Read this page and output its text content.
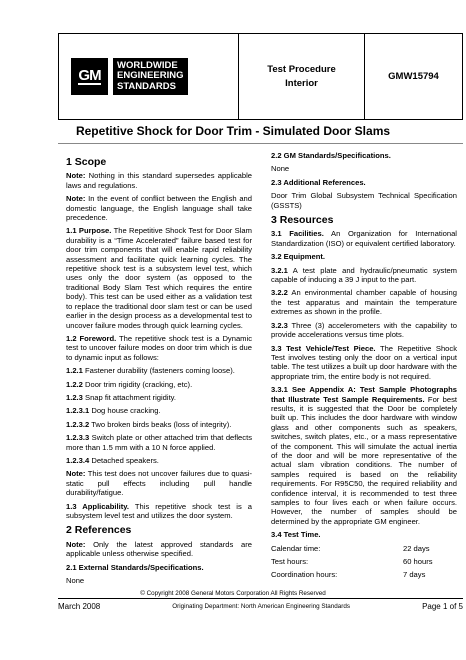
GM
WORLDWIDE
ENGINEERING
STANDARDS
Test Procedure
Interior
GMW15794
Repetitive Shock for Door Trim - Simulated Door Slams
1 Scope

Note: Nothing in this standard supersedes applicable laws and regulations.

Note: In the event of conflict between the English and domestic language, the English language shall take precedence.

1.1 Purpose. The Repetitive Shock Test for Door Slam durability is a “Time Accelerated” failure based test for door trim components that will enable rapid reliability assessment and facilitate quick learning cycles. The repetitive shock test is a subsystem level test, which uses only the door system (as opposed to the traditional Body Slam Test which requires the entire body). This test can be used either as a validation test to replace the traditional door slam test or can be used earlier in the design process as a developmental test to uncover failure modes through quick learning cycles.

1.2 Foreword. The repetitive shock test is a Dynamic test to uncover failure modes on door trim which is due to dynamic input as follows:

1.2.1 Fastener durability (fasteners coming loose).

1.2.2 Door trim rigidity (cracking, etc).

1.2.3 Snap fit attachment rigidity.

1.2.3.1 Dog house cracking.

1.2.3.2 Two broken birds beaks (loss of integrity).

1.2.3.3 Switch plate or other attached trim that deflects more than 1.5 mm with a 10 N force applied.

1.2.3.4 Detached speakers.

Note: This test does not uncover failures due to quasi-static pull effects including pull handle durability/fatigue.

1.3 Applicability. This repetitive shock test is a subsystem level test and utilizes the door system.

2 References

Note: Only the latest approved standards are applicable unless otherwise specified.

2.1 External Standards/Specifications.

None

2.2 GM Standards/Specifications.

None

2.3 Additional References.

Door Trim Global Subsystem Technical Specification (GSSTS)

3 Resources

3.1 Facilities. An Organization for International Standardization (ISO) or equivalent certified laboratory.

3.2 Equipment.

3.2.1 A test plate and hydraulic/pneumatic system capable of inducing a 39 J input to the part.

3.2.2 An environmental chamber capable of housing the test apparatus and maintain the temperature extremes as shown in the profile.

3.2.3 Three (3) accelerometers with the capability to provide accelerations versus time plots.

3.3 Test Vehicle/Test Piece. The Repetitive Shock Test involves testing only the door on a vertical input table. The test utilizes a built up door hardware with the appropriate trim, the entire body is not required.

3.3.1 See Appendix A: Test Sample Photographs that Illustrate Test Sample Requirements. For best results, it is suggested that the Door be completely built up. This includes the door hardware with window glass and other components such as speakers, switches, switch plates, etc., or a mass representative of the component. This will simulate the actual inertia of the door and will be more representative of the actual slam vibration conditions. The number of samples required is based on the reliability requirements. For R95C50, the required reliability and confidence interval, it is recommended to test three samples to four lives each or when failure occurs. However, the number of samples should be determined by the appropriate GM engineer.

3.4 Test Time.

Calendar time:	22 days
Test hours:	60 hours
Coordination hours:	7 days
© Copyright 2008 General Motors Corporation All Rights Reserved
March 2008	Originating Department: North American Engineering Standards	Page 1 of 5
